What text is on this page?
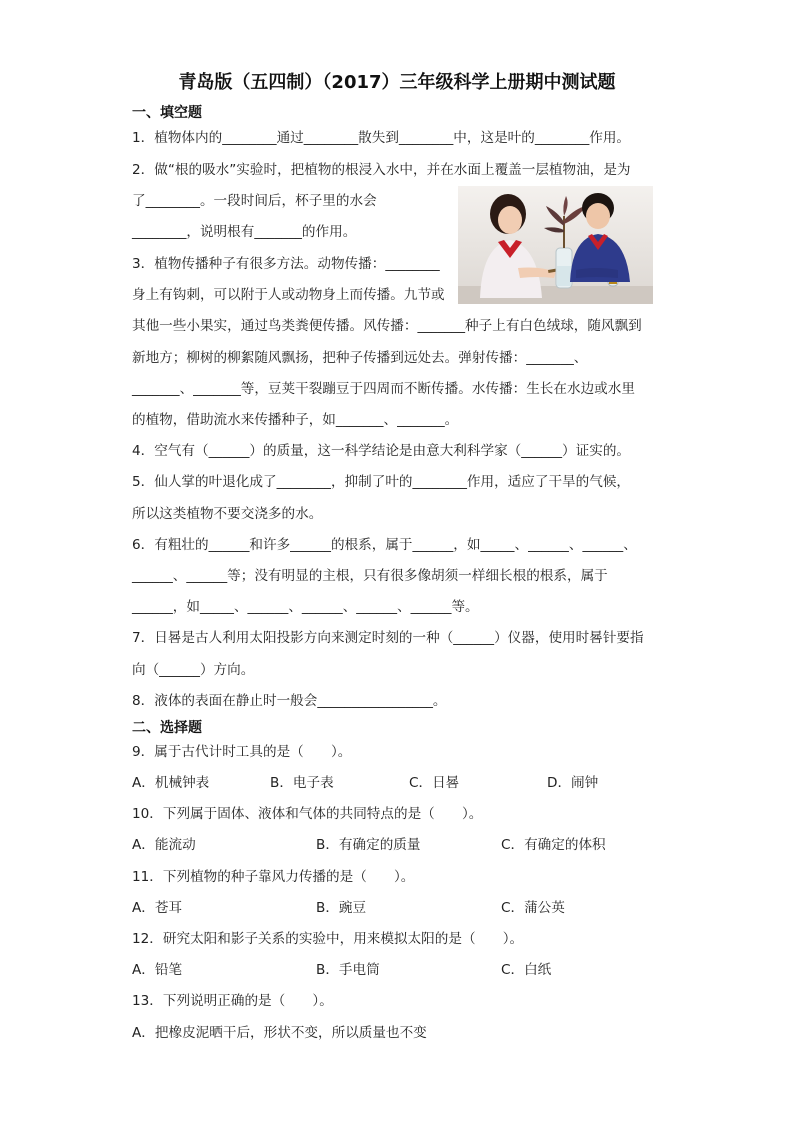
青岛版（五四制）（2017）三年级科学上册期中测试题
一、填空题
1．植物体内的________通过________散失到________中，这是叶的________作用。
2．做“根的吸水”实验时，把植物的根浸入水中，并在水面上覆盖一层植物油，是为
了________。一段时间后，杯子里的水会
________，说明根有_______的作用。
3．植物传播种子有很多方法。动物传播：________
身上有钩刺，可以附于人或动物身上而传播。九节或
其他一些小果实，通过鸟类粪便传播。风传播：_______种子上有白色绒球，随风飘到
新地方；柳树的柳絮随风飘扬，把种子传播到远处去。弹射传播：_______、
_______、_______等，豆荚干裂蹦豆于四周而不断传播。水传播：生长在水边或水里
的植物，借助流水来传播种子，如_______、_______。
4．空气有（______）的质量，这一科学结论是由意大利科学家（______）证实的。
5．仙人掌的叶退化成了________，抑制了叶的________作用，适应了干旱的气候，
所以这类植物不要交浇多的水。
6．有粗壮的______和许多______的根系，属于______，如_____、______、______、
______、______等；没有明显的主根，只有很多像胡须一样细长根的根系，属于
______，如_____、______、______、______、______等。
7．日晷是古人利用太阳投影方向来测定时刻的一种（______）仪器，使用时晷针要指
向（______）方向。
8．液体的表面在静止时一般会_________________。
二、选择题
9．属于古代计时工具的是（　　）。
A．机械钟表	B．电子表	C．日晷	D．闹钟
10．下列属于固体、液体和气体的共同特点的是（　　）。
A．能流动	B．有确定的质量	C．有确定的体积
11．下列植物的种子靠风力传播的是（　　）。
A．苍耳	B．豌豆	C．蒲公英
12．研究太阳和影子关系的实验中，用来模拟太阳的是（　　）。
A．铅笔	B．手电筒	C．白纸
13．下列说明正确的是（　　）。
A．把橡皮泥晒干后，形状不变，所以质量也不变
